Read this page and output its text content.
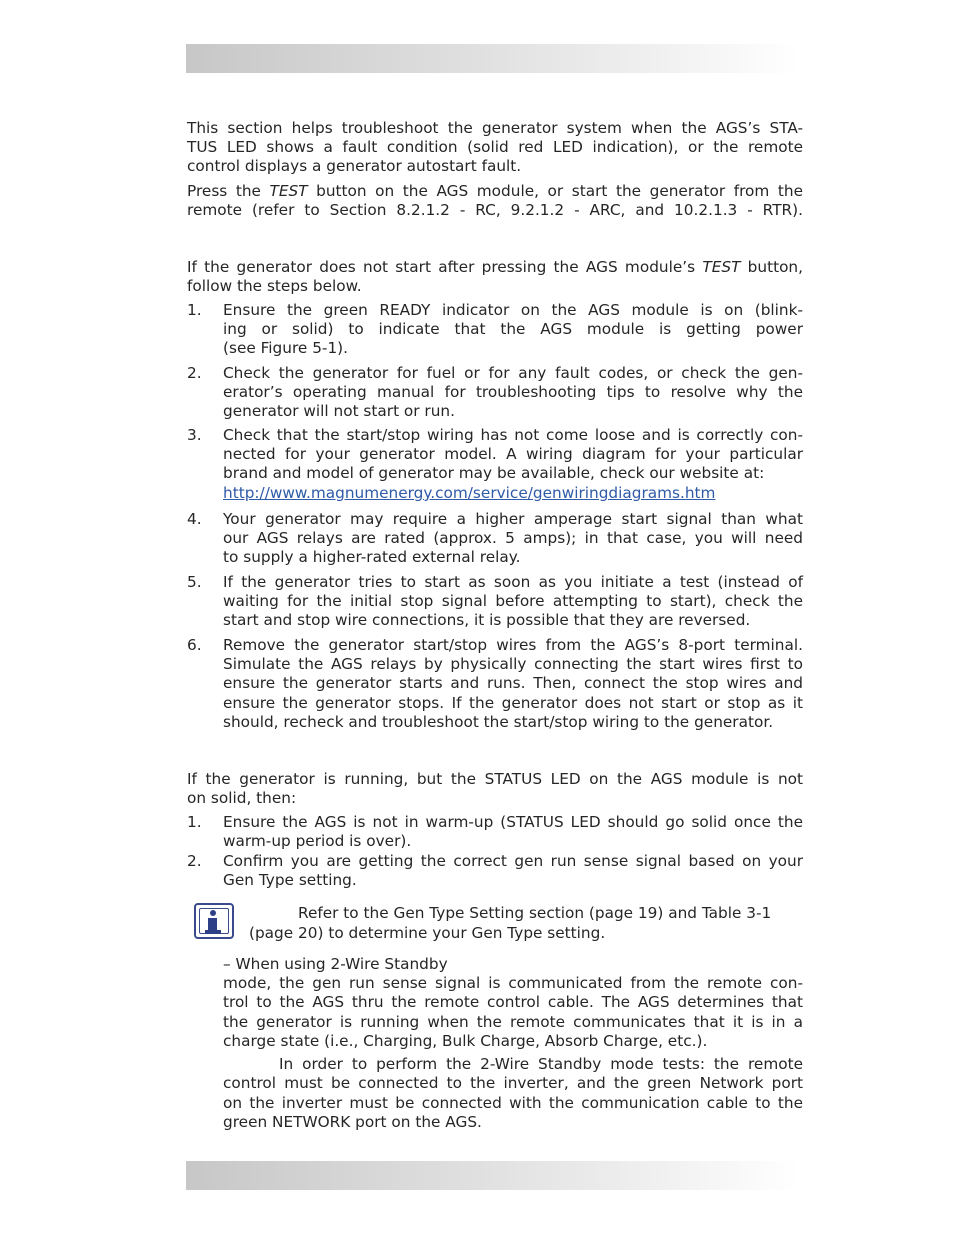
This section helps troubleshoot the generator system when the AGS’s STA-
TUS LED shows a fault condition (solid red LED indication), or the remote
control displays a generator autostart fault.
Press the TEST button on the AGS module, or start the generator from the
remote (refer to Section 8.2.1.2 - RC, 9.2.1.2 - ARC, and 10.2.1.3 - RTR).
If the generator does not start after pressing the AGS module’s TEST button,
follow the steps below.
1. Ensure the green READY indicator on the AGS module is on (blink-
ing or solid) to indicate that the AGS module is getting power
(see Figure 5-1).
2. Check the generator for fuel or for any fault codes, or check the gen-
erator’s operating manual for troubleshooting tips to resolve why the
generator will not start or run.
3. Check that the start/stop wiring has not come loose and is correctly con-
nected for your generator model. A wiring diagram for your particular
brand and model of generator may be available, check our website at:
http://www.magnumenergy.com/service/genwiringdiagrams.htm
4. Your generator may require a higher amperage start signal than what
our AGS relays are rated (approx. 5 amps); in that case, you will need
to supply a higher-rated external relay.
5. If the generator tries to start as soon as you initiate a test (instead of
waiting for the initial stop signal before attempting to start), check the
start and stop wire connections, it is possible that they are reversed.
6. Remove the generator start/stop wires from the AGS’s 8-port terminal.
Simulate the AGS relays by physically connecting the start wires first to
ensure the generator starts and runs. Then, connect the stop wires and
ensure the generator stops. If the generator does not start or stop as it
should, recheck and troubleshoot the start/stop wiring to the generator.
If the generator is running, but the STATUS LED on the AGS module is not
on solid, then:
1. Ensure the AGS is not in warm-up (STATUS LED should go solid once the
warm-up period is over).
2. Confirm you are getting the correct gen run sense signal based on your
Gen Type setting.
Refer to the Gen Type Setting section (page 19) and Table 3-1
(page 20) to determine your Gen Type setting.
– When using 2-Wire Standby
mode, the gen run sense signal is communicated from the remote con-
trol to the AGS thru the remote control cable. The AGS determines that
the generator is running when the remote communicates that it is in a
charge state (i.e., Charging, Bulk Charge, Absorb Charge, etc.).
In order to perform the 2-Wire Standby mode tests: the remote
control must be connected to the inverter, and the green Network port
on the inverter must be connected with the communication cable to the
green NETWORK port on the AGS.
